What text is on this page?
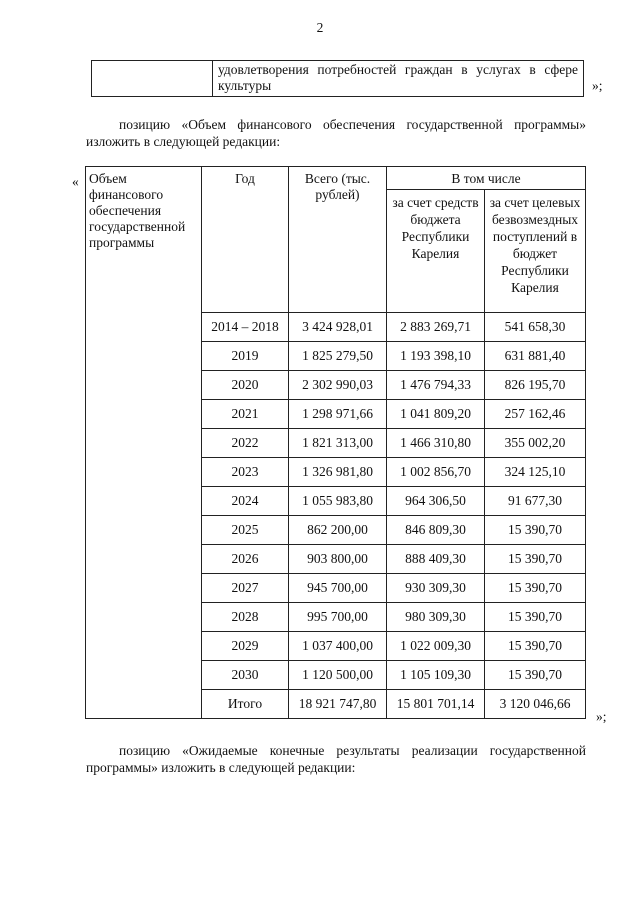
2
	удовлетворения потребностей граждан в услугах в сфере культуры	»;
позицию «Объем финансового обеспечения государственной программы» изложить в следующей редакции:
« Объем финансового обеспечения государственной программы	Год	Всего (тыс. рублей)	В том числе	
			за счет средств бюджета Республики Карелия	за счет целевых безвозмездных поступлений в бюджет Республики Карелия
	2014 – 2018	3 424 928,01	2 883 269,71	541 658,30
	2019	1 825 279,50	1 193 398,10	631 881,40
	2020	2 302 990,03	1 476 794,33	826 195,70
	2021	1 298 971,66	1 041 809,20	257 162,46
	2022	1 821 313,00	1 466 310,80	355 002,20
	2023	1 326 981,80	1 002 856,70	324 125,10
	2024	1 055 983,80	964 306,50	91 677,30
	2025	862 200,00	846 809,30	15 390,70
	2026	903 800,00	888 409,30	15 390,70
	2027	945 700,00	930 309,30	15 390,70
	2028	995 700,00	980 309,30	15 390,70
	2029	1 037 400,00	1 022 009,30	15 390,70
	2030	1 120 500,00	1 105 109,30	15 390,70
	Итого	18 921 747,80	15 801 701,14	3 120 046,66
»;
позицию «Ожидаемые конечные результаты реализации государственной программы» изложить в следующей редакции:
